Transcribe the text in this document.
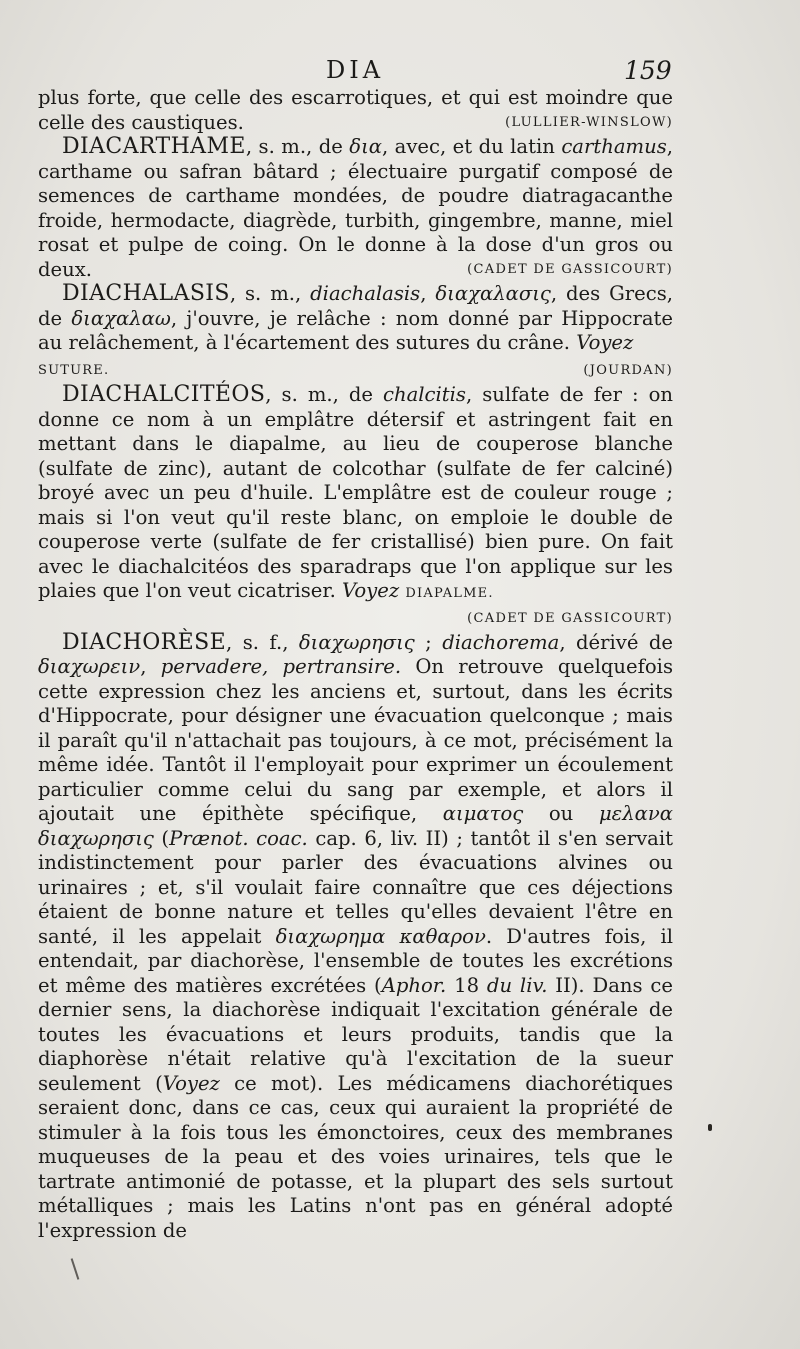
DIA	159

plus forte, que celle des escarrotiques, et qui est moindre que celle des caustiques.	(LULLIER-WINSLOW)

DIACARTHAME, s. m., de δια, avec, et du latin carthamus, carthame ou safran bâtard ; électuaire purgatif composé de semences de carthame mondées, de poudre diatragacanthe froide, hermodacte, diagrède, turbith, gingembre, manne, miel rosat et pulpe de coing. On le donne à la dose d'un gros ou deux.	(CADET DE GASSICOURT)

DIACHALASIS, s. m., diachalasis, διαχαλασις, des Grecs, de διαχαλαω, j'ouvre, je relâche : nom donné par Hippocrate au relâchement, à l'écartement des sutures du crâne. Voyez
SUTURE.	(JOURDAN)

DIACHALCITÉOS, s. m., de chalcitis, sulfate de fer : on donne ce nom à un emplâtre détersif et astringent fait en mettant dans le diapalme, au lieu de couperose blanche (sulfate de zinc), autant de colcothar (sulfate de fer calciné) broyé avec un peu d'huile. L'emplâtre est de couleur rouge ; mais si l'on veut qu'il reste blanc, on emploie le double de couperose verte (sulfate de fer cristallisé) bien pure. On fait avec le diachalcitéos des sparadraps que l'on applique sur les plaies que l'on veut cicatriser. Voyez DIAPALME.

(CADET DE GASSICOURT)

DIACHORÈSE, s. f., διαχωρησις ; diachorema, dérivé de διαχωρειν, pervadere, pertransire. On retrouve quelquefois cette expression chez les anciens et, surtout, dans les écrits d'Hippocrate, pour désigner une évacuation quelconque ; mais il paraît qu'il n'attachait pas toujours, à ce mot, précisément la même idée. Tantôt il l'employait pour exprimer un écoulement particulier comme celui du sang par exemple, et alors il ajoutait une épithète spécifique, αιματος ou μελανα διαχωρησις (Prænot. coac. cap. 6, liv. II) ; tantôt il s'en servait indistinctement pour parler des évacuations alvines ou urinaires ; et, s'il voulait faire connaître que ces déjections étaient de bonne nature et telles qu'elles devaient l'être en santé, il les appelait διαχωρημα καθαρον. D'autres fois, il entendait, par diachorèse, l'ensemble de toutes les excrétions et même des matières excrétées (Aphor. 18 du liv. II). Dans ce dernier sens, la diachorèse indiquait l'excitation générale de toutes les évacuations et leurs produits, tandis que la diaphorèse n'était relative qu'à l'excitation de la sueur seulement (Voyez ce mot). Les médicamens diachorétiques seraient donc, dans ce cas, ceux qui auraient la propriété de stimuler à la fois tous les émonctoires, ceux des membranes muqueuses de la peau et des voies urinaires, tels que le tartrate antimonié de potasse, et la plupart des sels surtout métalliques ; mais les Latins n'ont pas en général adopté l'expression de
